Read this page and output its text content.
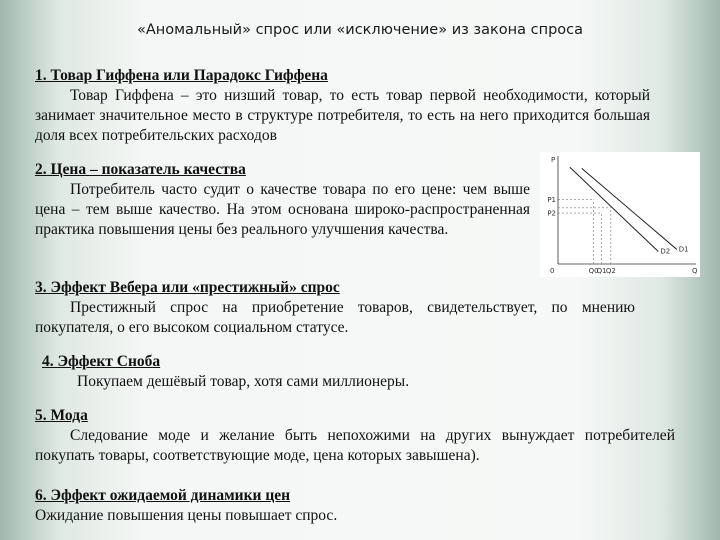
«Аномальный» спрос или «исключение» из закона спроса
1. Товар Гиффена или Парадокс Гиффена
Товар Гиффена – это низший товар, то есть товар первой необходимости, который занимает значительное место в структуре потребителя, то есть на него приходится большая доля всех потребительских расходов
2. Цена – показатель качества
Потребитель часто судит о качестве товара по его цене: чем выше цена – тем выше качество. На этом основана широко-распространенная практика повышения цены без реального улучшения качества.
P
Q
0
P1
P2
Q0
Q1 Q2
D2 D1
3. Эффект Вебера или «престижный» спрос
Престижный спрос на приобретение товаров, свидетельствует, по мнению покупателя, о его высоком социальном статусе.
4. Эффект Сноба
Покупаем дешёвый товар, хотя сами миллионеры.
5. Мода
Следование моде и желание быть непохожими на других вынуждает потребителей покупать товары, соответствующие моде, цена которых завышена).
6. Эффект ожидаемой динамики цен
Ожидание повышения цены повышает спрос.
